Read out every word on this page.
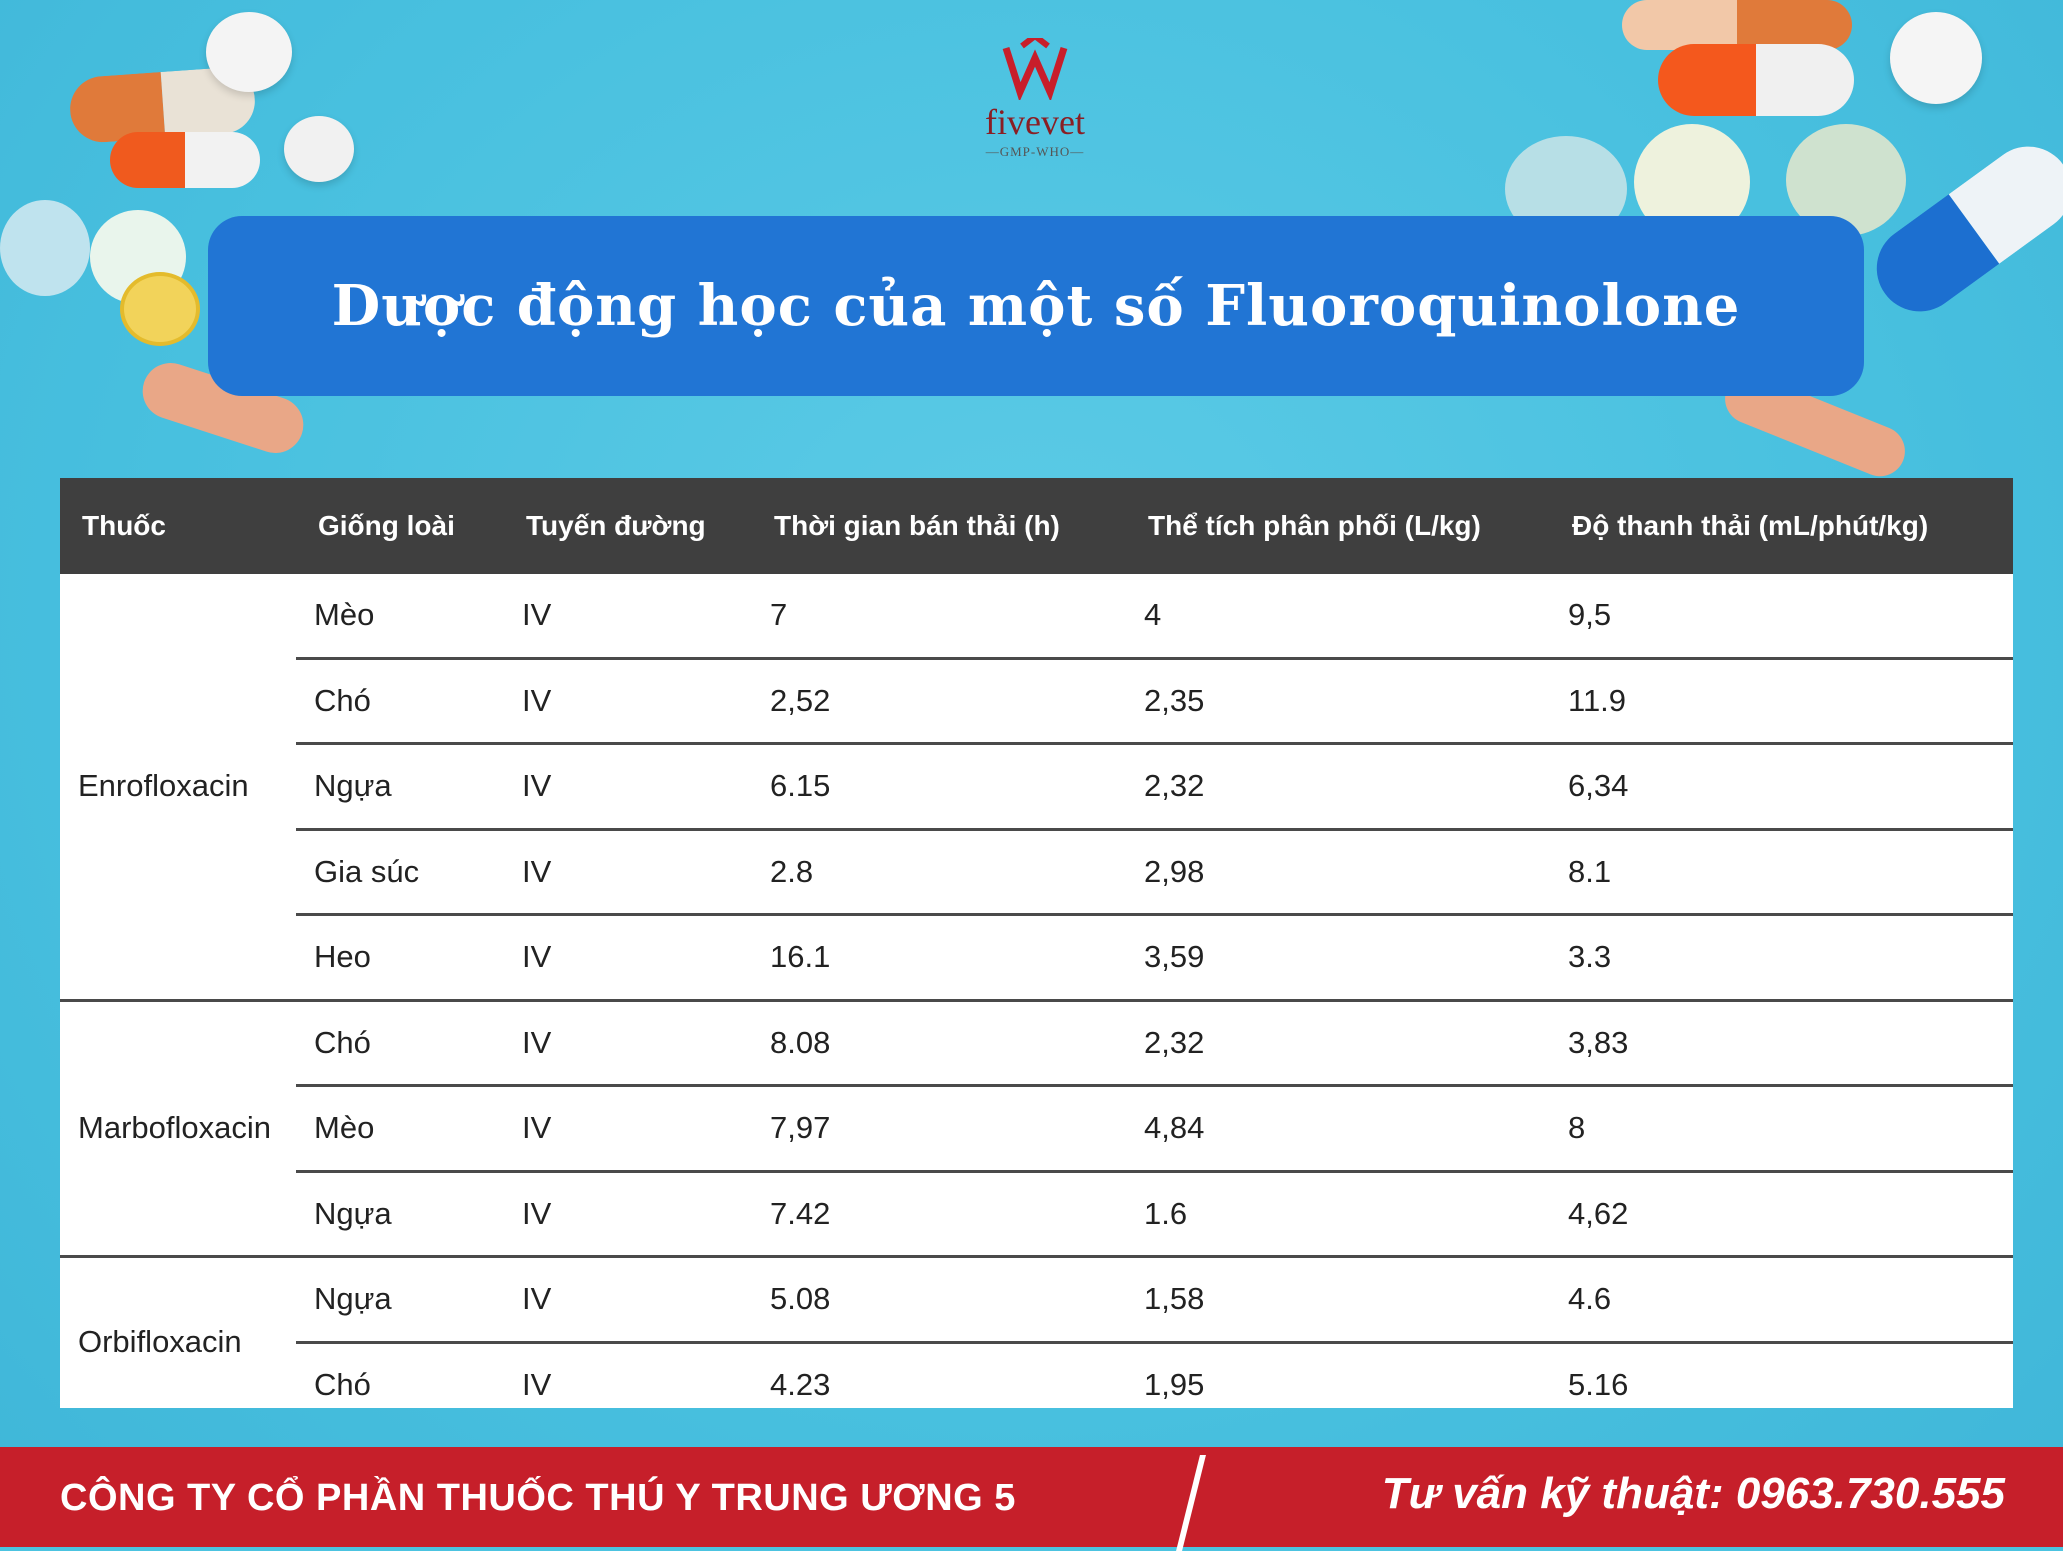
fivevet
—GMP-WHO—
Dược động học của một số Fluoroquinolone
Thuốc	Giống loài	Tuyến đường	Thời gian bán thải (h)	Thể tích phân phối (L/kg)	Độ thanh thải (mL/phút/kg)
Enrofloxacin	Mèo	IV	7	4	9,5
	Chó	IV	2,52	2,35	11.9
	Ngựa	IV	6.15	2,32	6,34
	Gia súc	IV	2.8	2,98	8.1
	Heo	IV	16.1	3,59	3.3
Marbofloxacin	Chó	IV	8.08	2,32	3,83
	Mèo	IV	7,97	4,84	8
	Ngựa	IV	7.42	1.6	4,62
Orbifloxacin	Ngựa	IV	5.08	1,58	4.6
	Chó	IV	4.23	1,95	5.16
CÔNG TY CỔ PHẦN THUỐC THÚ Y TRUNG ƯƠNG 5	Tư vấn kỹ thuật: 0963.730.555
